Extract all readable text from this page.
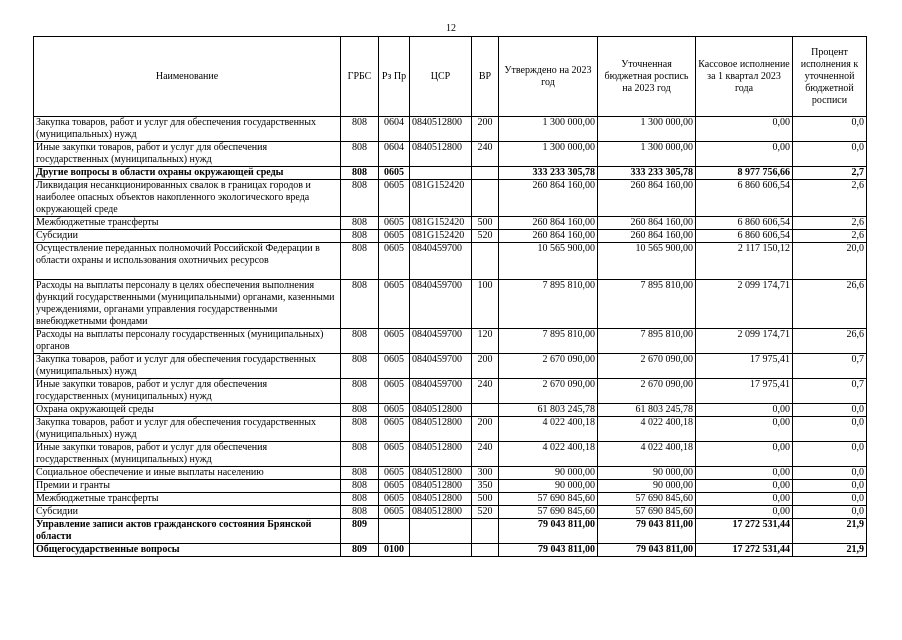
12
Наименование	ГРБС	Рз Пр	ЦСР	ВР	Утверждено на 2023 год	Уточненная бюджетная роспись на 2023 год	Кассовое исполнение за 1 квартал 2023 года	Процент исполнения к уточненной бюджетной росписи
Закупка товаров, работ и услуг для обеспечения государственных (муниципальных) нужд	808	0604	0840512800	200	1 300 000,00	1 300 000,00	0,00	0,0
Иные закупки товаров, работ и услуг для обеспечения государственных (муниципальных) нужд	808	0604	0840512800	240	1 300 000,00	1 300 000,00	0,00	0,0
Другие вопросы в области охраны окружающей среды	808	0605			333 233 305,78	333 233 305,78	8 977 756,66	2,7
Ликвидация несанкционированных свалок в границах городов и наиболее опасных объектов накопленного экологического вреда окружающей среде	808	0605	081G152420		260 864 160,00	260 864 160,00	6 860 606,54	2,6
Межбюджетные трансферты	808	0605	081G152420	500	260 864 160,00	260 864 160,00	6 860 606,54	2,6
Субсидии	808	0605	081G152420	520	260 864 160,00	260 864 160,00	6 860 606,54	2,6
Осуществление переданных полномочий Российской Федерации в области охраны и использования охотничьих ресурсов	808	0605	0840459700		10 565 900,00	10 565 900,00	2 117 150,12	20,0
Расходы на выплаты персоналу в целях обеспечения выполнения функций государственными (муниципальными) органами, казенными учреждениями, органами управления государственными внебюджетными фондами	808	0605	0840459700	100	7 895 810,00	7 895 810,00	2 099 174,71	26,6
Расходы на выплаты персоналу государственных (муниципальных) органов	808	0605	0840459700	120	7 895 810,00	7 895 810,00	2 099 174,71	26,6
Закупка товаров, работ и услуг для обеспечения государственных (муниципальных) нужд	808	0605	0840459700	200	2 670 090,00	2 670 090,00	17 975,41	0,7
Иные закупки товаров, работ и услуг для обеспечения государственных (муниципальных) нужд	808	0605	0840459700	240	2 670 090,00	2 670 090,00	17 975,41	0,7
Охрана окружающей среды	808	0605	0840512800		61 803 245,78	61 803 245,78	0,00	0,0
Закупка товаров, работ и услуг для обеспечения государственных (муниципальных) нужд	808	0605	0840512800	200	4 022 400,18	4 022 400,18	0,00	0,0
Иные закупки товаров, работ и услуг для обеспечения государственных (муниципальных) нужд	808	0605	0840512800	240	4 022 400,18	4 022 400,18	0,00	0,0
Социальное обеспечение и иные выплаты населению	808	0605	0840512800	300	90 000,00	90 000,00	0,00	0,0
Премии и гранты	808	0605	0840512800	350	90 000,00	90 000,00	0,00	0,0
Межбюджетные трансферты	808	0605	0840512800	500	57 690 845,60	57 690 845,60	0,00	0,0
Субсидии	808	0605	0840512800	520	57 690 845,60	57 690 845,60	0,00	0,0
Управление записи актов гражданского состояния Брянской области	809				79 043 811,00	79 043 811,00	17 272 531,44	21,9
Общегосударственные вопросы	809	0100			79 043 811,00	79 043 811,00	17 272 531,44	21,9
